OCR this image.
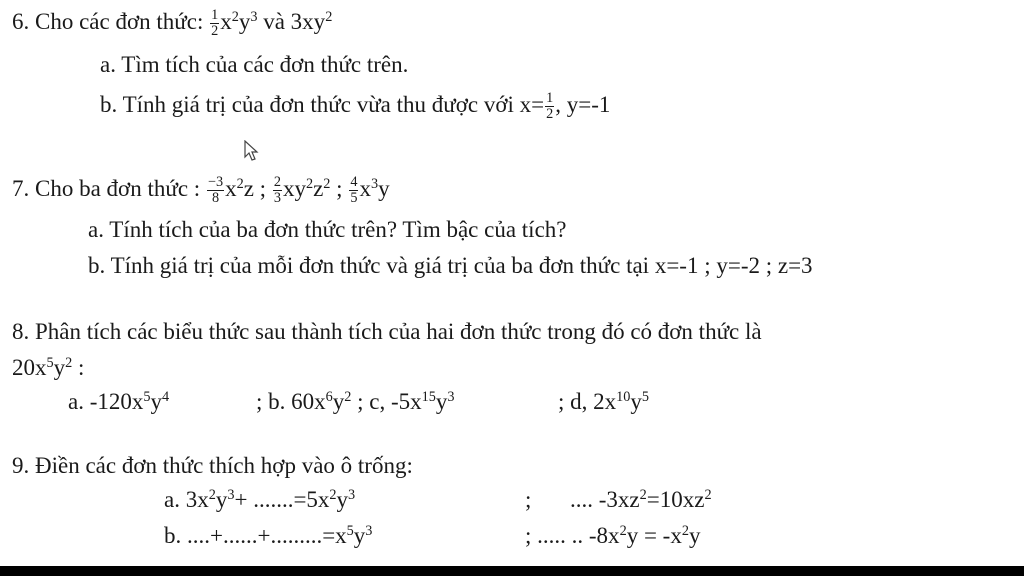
6. Cho các đơn thức: $\frac{1}{2} x^2y^3$ và $3xy^2$
a. Tìm tích của các đơn thức trên.
b. Tính giá trị của đơn thức vừa thu được với $x= \frac{1}{2}$ , y=-1
7. Cho ba đơn thức : $\frac{-3}{8} x^2z$ ; $\frac{2}{3} xy^2z^2$ ; $\frac{4}{5} x^3y$
a. Tính tích của ba đơn thức trên? Tìm bậc của tích?
b. Tính giá trị của mỗi đơn thức và giá trị của ba đơn thức tại x=-1 ; y=-2 ; z=3
8. Phân tích các biểu thức sau thành tích của hai đơn thức trong đó có đơn thức là
$20x^5y^2$ :
a. $-120x^5y^4$	; b. $60x^6y^2$ ; c, $-5x^{15}y^3$	; d, $2x^{10}y^5$
9. Điền các đơn thức thích hợp vào ô trống:
a. $3x^2y^3+ .......=5x^2y^3$	; .... $-3xz^2=10xz^2$
b. $....+......+.........=x^5y^3$	; ..... .. $-8x^2y = -x^2y$
